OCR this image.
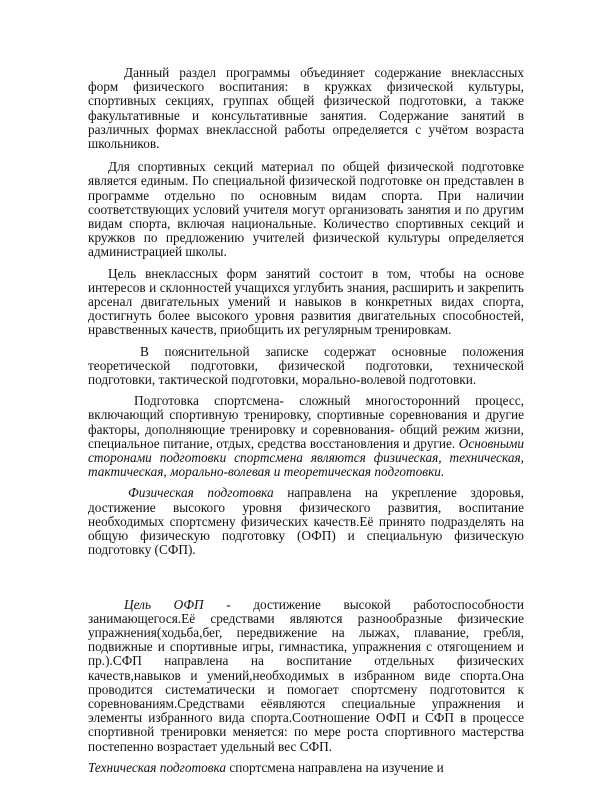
Данный раздел программы объединяет содержание внеклассных форм физического воспитания: в кружках физической культуры, спортивных секциях, группах общей физической подготовки, а также факультативные и консультативные занятия. Содержание занятий в различных формах внеклассной работы определяется с учётом возраста школьников.

Для спортивных секций материал по общей физической подготовке является единым. По специальной физической подготовке он представлен в программе отдельно по основным видам спорта. При наличии соответствующих условий учителя могут организовать занятия и по другим видам спорта, включая национальные. Количество спортивных секций и кружков по предложению учителей физической культуры определяется администрацией школы.

Цель внеклассных форм занятий состоит в том, чтобы на основе интересов и склонностей учащихся углубить знания, расширить и закрепить арсенал двигательных умений и навыков в конкретных видах спорта, достигнуть более высокого уровня развития двигательных способностей, нравственных качеств, приобщить их регулярным тренировкам.

В пояснительной записке содержат основные положения теоретической подготовки, физической подготовки, технической подготовки, тактической подготовки, морально-волевой подготовки.

Подготовка спортсмена- сложный многосторонний процесс, включающий спортивную тренировку, спортивные соревнования и другие факторы, дополняющие тренировку и соревнования- общий режим жизни, специальное питание, отдых, средства восстановления и другие. Основными сторонами подготовки спортсмена являются физическая, техническая, тактическая, морально-волевая и теоретическая подготовки.

Физическая подготовка направлена на укрепление здоровья, достижение высокого уровня физического развития, воспитание необходимых спортсмену физических качеств.Её принято подразделять на общую физическую подготовку (ОФП) и специальную физическую подготовку (СФП).

Цель ОФП - достижение высокой работоспособности занимающегося.Её средствами являются разнообразные физические упражнения(ходьба,бег, передвижение на лыжах, плавание, гребля, подвижные и спортивные игры, гимнастика, упражнения с отягощением и пр.).СФП направлена на воспитание отдельных физических качеств,навыков и умений,необходимых в избранном виде спорта.Она проводится систематически и помогает спортсмену подготовится к соревнованиям.Средствами еёявляются специальные упражнения и элементы избранного вида спорта.Соотношение ОФП и СФП в процессе спортивной тренировки меняется: по мере роста спортивного мастерства постепенно возрастает удельный вес СФП.

Техническая подготовка спортсмена направлена на изучение и
